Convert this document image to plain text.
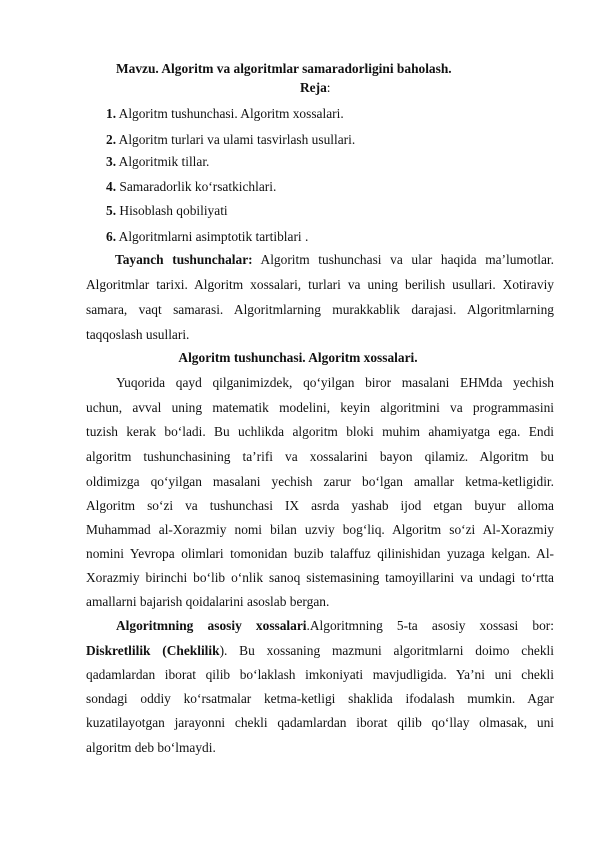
Mavzu. Algoritm va algoritmlar samaradorligini baholash.
Reja:
1. Algoritm tushunchasi. Algoritm xossalari.
2. Algoritm turlari va ulami tasvirlash usullari.
3. Algoritmik tillar.
4. Samaradorlik ko‘rsatkichlari.
5. Hisoblash qobiliyati
6. Algoritmlarni asimptotik tartiblari .
Tayanch tushunchalar: Algoritm tushunchasi va ular haqida ma’lumotlar.
Algoritmlar tarixi. Algoritm xossalari, turlari va uning berilish usullari. Xotiraviy
samara, vaqt samarasi. Algoritmlarning murakkablik darajasi. Algoritmlarning
taqqoslash usullari.
Algoritm tushunchasi. Algoritm xossalari.
Yuqorida qayd qilganimizdek, qo‘yilgan biror masalani EHMda yechish
uchun, avval uning matematik modelini, keyin algoritmini va programmasini
tuzish kerak bo‘ladi. Bu uchlikda algoritm bloki muhim ahamiyatga ega. Endi
algoritm tushunchasining ta’rifi va xossalarini bayon qilamiz. Algoritm bu
oldimizga qo‘yilgan masalani yechish zarur bo‘lgan amallar ketma-ketligidir.
Algoritm so‘zi va tushunchasi IX asrda yashab ijod etgan buyur alloma
Muhammad al-Xorazmiy nomi bilan uzviy bog‘liq. Algoritm so‘zi Al-Xorazmiy
nomini Yevropa olimlari tomonidan buzib talaffuz qilinishidan yuzaga kelgan. Al-
Xorazmiy birinchi bo‘lib o‘nlik sanoq sistemasining tamoyillarini va undagi to‘rtta
amallarni bajarish qoidalarini asoslab bergan.
Algoritmning asosiy xossalari.Algoritmning 5-ta asosiy xossasi bor:
Diskretlilik (Cheklilik). Bu xossaning mazmuni algoritmlarni doimo chekli
qadamlardan iborat qilib bo‘laklash imkoniyati mavjudligida. Ya’ni uni chekli
sondagi oddiy ko‘rsatmalar ketma-ketligi shaklida ifodalash mumkin. Agar
kuzatilayotgan jarayonni chekli qadamlardan iborat qilib qo‘llay olmasak, uni
algoritm deb bo‘lmaydi.
